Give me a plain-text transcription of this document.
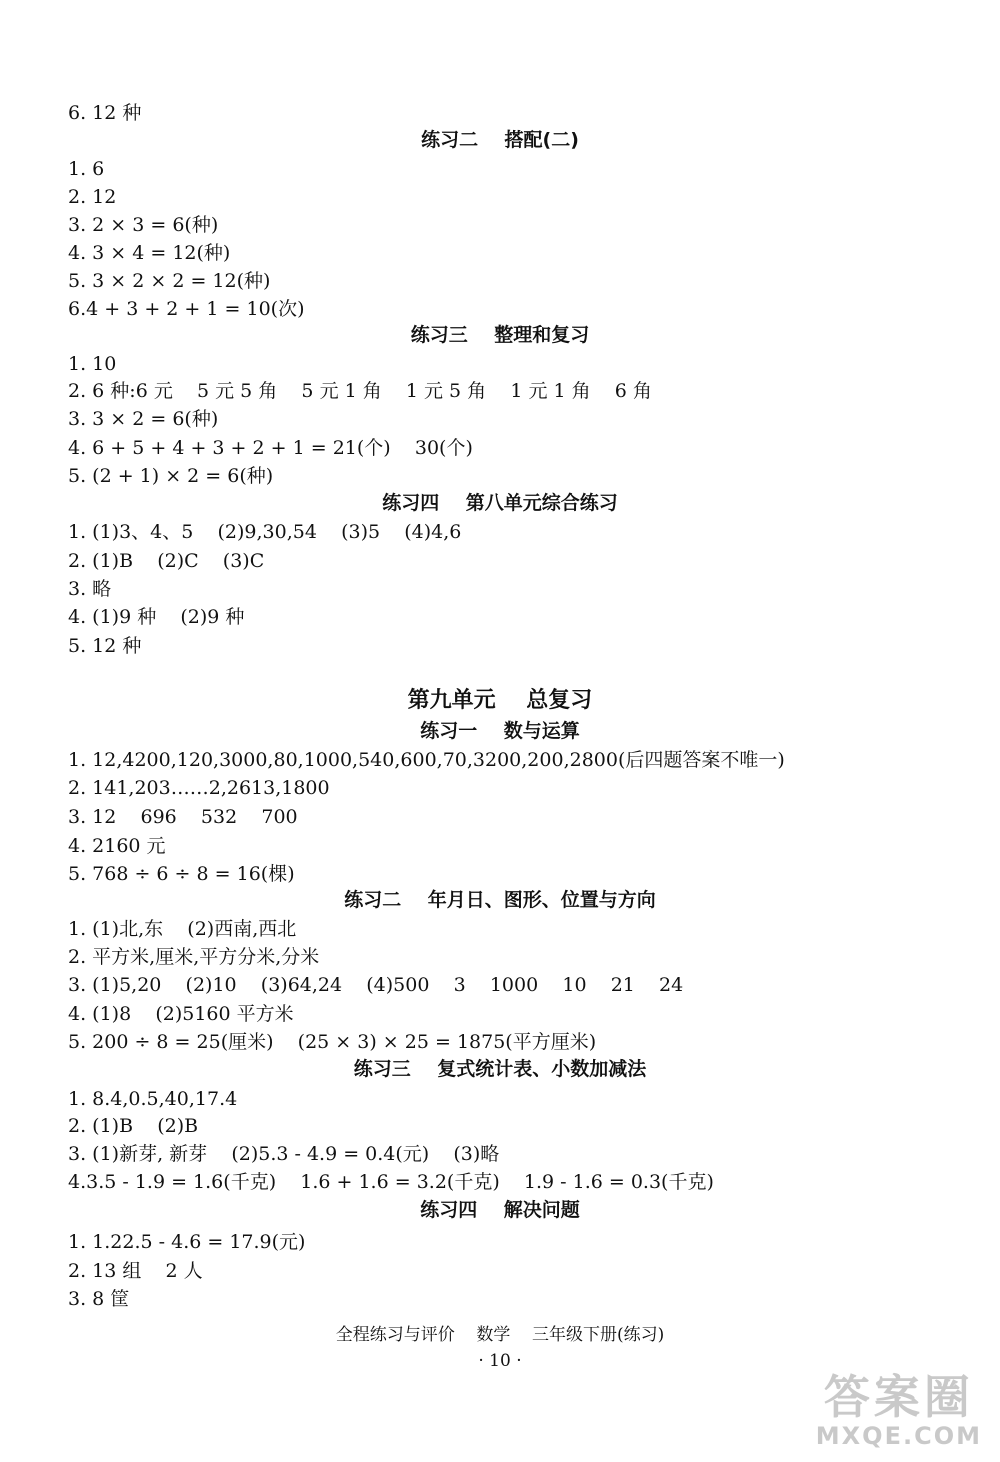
6. 12 种
练习二    搭配(二)
1. 6
2. 12
3. 2 × 3 = 6(种)
4. 3 × 4 = 12(种)
5. 3 × 2 × 2 = 12(种)
6.4 + 3 + 2 + 1 = 10(次)
练习三    整理和复习
1. 10
2. 6 种:6 元    5 元 5 角    5 元 1 角    1 元 5 角    1 元 1 角    6 角
3. 3 × 2 = 6(种)
4. 6 + 5 + 4 + 3 + 2 + 1 = 21(个)    30(个)
5. (2 + 1) × 2 = 6(种)
练习四    第八单元综合练习
1. (1)3、4、5    (2)9,30,54    (3)5    (4)4,6
2. (1)B    (2)C    (3)C
3. 略
4. (1)9 种    (2)9 种
5. 12 种
第九单元    总复习
练习一    数与运算
1. 12,4200,120,3000,80,1000,540,600,70,3200,200,2800(后四题答案不唯一)
2. 141,203……2,2613,1800
3. 12    696    532    700
4. 2160 元
5. 768 ÷ 6 ÷ 8 = 16(棵)
练习二    年月日、图形、位置与方向
1. (1)北,东    (2)西南,西北
2. 平方米,厘米,平方分米,分米
3. (1)5,20    (2)10    (3)64,24    (4)500    3    1000    10    21    24
4. (1)8    (2)5160 平方米
5. 200 ÷ 8 = 25(厘米)    (25 × 3) × 25 = 1875(平方厘米)
练习三    复式统计表、小数加减法
1. 8.4,0.5,40,17.4
2. (1)B    (2)B
3. (1)新芽, 新芽    (2)5.3 - 4.9 = 0.4(元)    (3)略
4.3.5 - 1.9 = 1.6(千克)    1.6 + 1.6 = 3.2(千克)    1.9 - 1.6 = 0.3(千克)
练习四    解决问题
1. 1.22.5 - 4.6 = 17.9(元)
2. 13 组    2 人
3. 8 筐
全程练习与评价    数学    三年级下册(练习)
· 10 ·
答案圈
MXQE.COM
